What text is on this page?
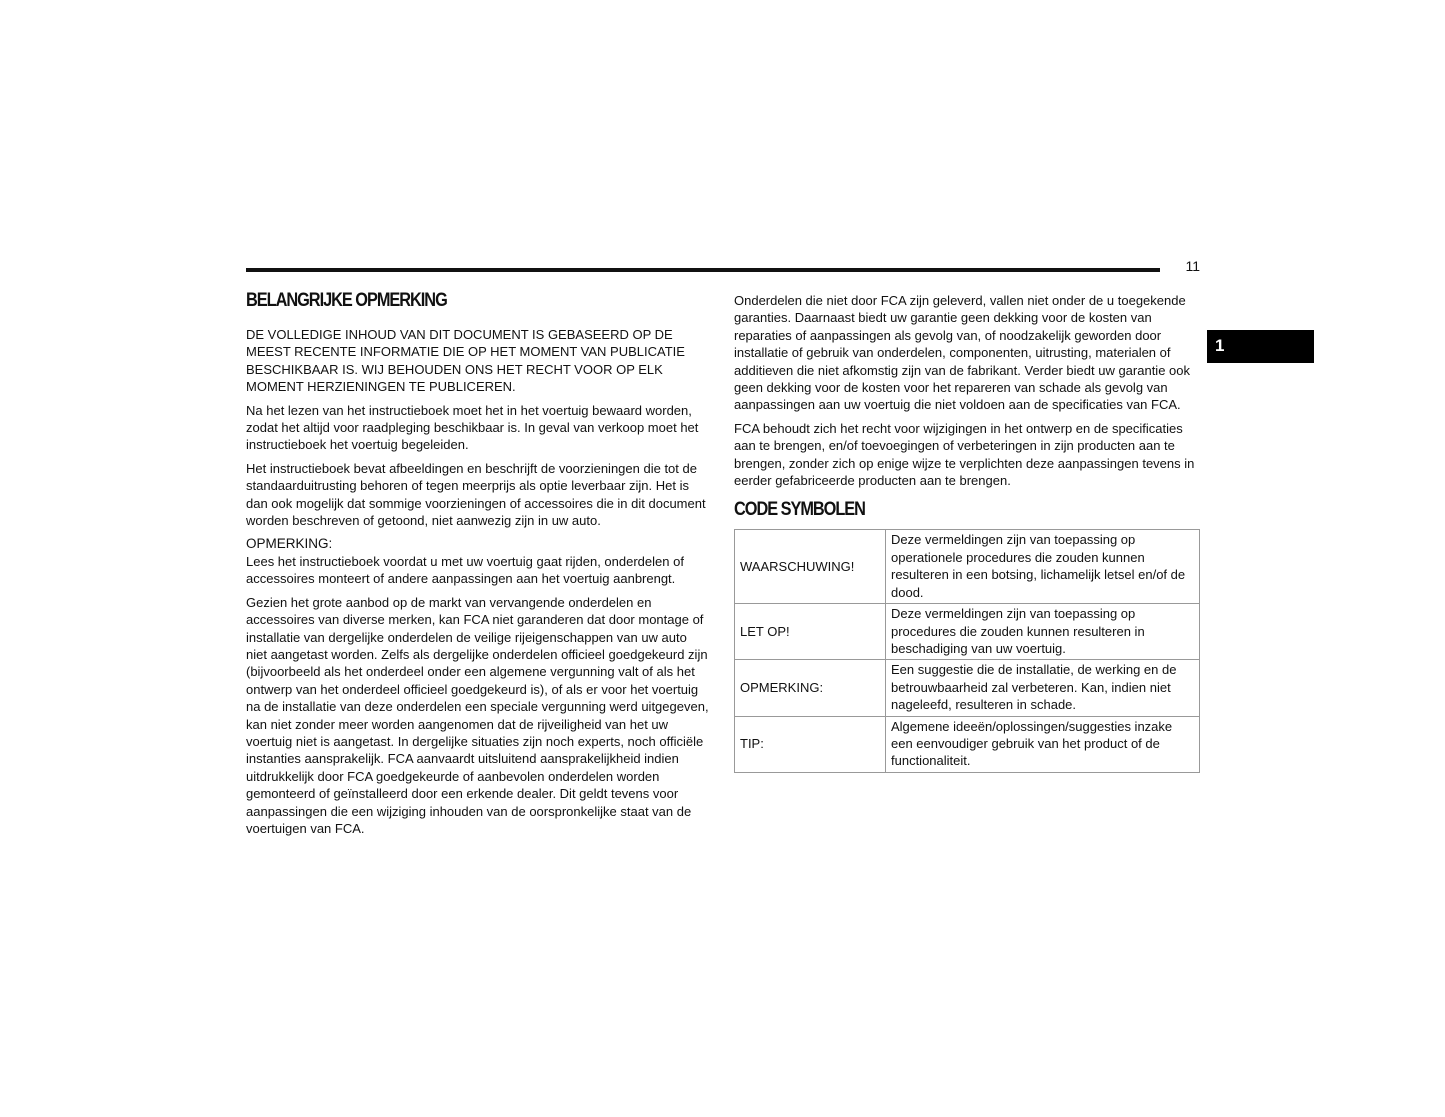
11
1
BELANGRIJKE OPMERKING

DE VOLLEDIGE INHOUD VAN DIT DOCUMENT IS GEBASEERD OP DE MEEST RECENTE INFORMATIE DIE OP HET MOMENT VAN PUBLICATIE BESCHIKBAAR IS. WIJ BEHOUDEN ONS HET RECHT VOOR OP ELK MOMENT HERZIENINGEN TE PUBLICEREN.

Na het lezen van het instructieboek moet het in het voertuig bewaard worden, zodat het altijd voor raadpleging beschikbaar is. In geval van verkoop moet het instructieboek het voertuig begeleiden.

Het instructieboek bevat afbeeldingen en beschrijft de voorzieningen die tot de standaarduitrusting behoren of tegen meerprijs als optie leverbaar zijn. Het is dan ook mogelijk dat sommige voorzieningen of accessoires die in dit document worden beschreven of getoond, niet aanwezig zijn in uw auto.

OPMERKING:

Lees het instructieboek voordat u met uw voertuig gaat rijden, onderdelen of accessoires monteert of andere aanpassingen aan het voertuig aanbrengt.

Gezien het grote aanbod op de markt van vervangende onderdelen en accessoires van diverse merken, kan FCA niet garanderen dat door montage of installatie van dergelijke onderdelen de veilige rijeigenschappen van uw auto niet aangetast worden. Zelfs als dergelijke onderdelen officieel goedgekeurd zijn (bijvoorbeeld als het onderdeel onder een algemene vergunning valt of als het ontwerp van het onderdeel officieel goedgekeurd is), of als er voor het voertuig na de installatie van deze onderdelen een speciale vergunning werd uitgegeven, kan niet zonder meer worden aangenomen dat de rijveiligheid van het uw voertuig niet is aangetast. In dergelijke situaties zijn noch experts, noch officiële instanties aansprakelijk. FCA aanvaardt uitsluitend aansprakelijkheid indien uitdrukkelijk door FCA goedgekeurde of aanbevolen onderdelen worden gemonteerd of geïnstalleerd door een erkende dealer. Dit geldt tevens voor aanpassingen die een wijziging inhouden van de oorspronkelijke staat van de voertuigen van FCA.

Onderdelen die niet door FCA zijn geleverd, vallen niet onder de u toegekende garanties. Daarnaast biedt uw garantie geen dekking voor de kosten van reparaties of aanpassingen als gevolg van, of noodzakelijk geworden door installatie of gebruik van onderdelen, componenten, uitrusting, materialen of additieven die niet afkomstig zijn van de fabrikant. Verder biedt uw garantie ook geen dekking voor de kosten voor het repareren van schade als gevolg van aanpassingen aan uw voertuig die niet voldoen aan de specificaties van FCA.

FCA behoudt zich het recht voor wijzigingen in het ontwerp en de specificaties aan te brengen, en/of toevoegingen of verbeteringen in zijn producten aan te brengen, zonder zich op enige wijze te verplichten deze aanpassingen tevens in eerder gefabriceerde producten aan te brengen.

CODE SYMBOLEN
WAARSCHUWING!	Deze vermeldingen zijn van toepassing op operationele procedures die zouden kunnen resulteren in een botsing, lichamelijk letsel en/of de dood.
LET OP!	Deze vermeldingen zijn van toepassing op procedures die zouden kunnen resulteren in beschadiging van uw voertuig.
OPMERKING:	Een suggestie die de installatie, de werking en de betrouwbaarheid zal verbeteren. Kan, indien niet nageleefd, resulteren in schade.
TIP:	Algemene ideeën/oplossingen/suggesties inzake een eenvoudiger gebruik van het product of de functionaliteit.
